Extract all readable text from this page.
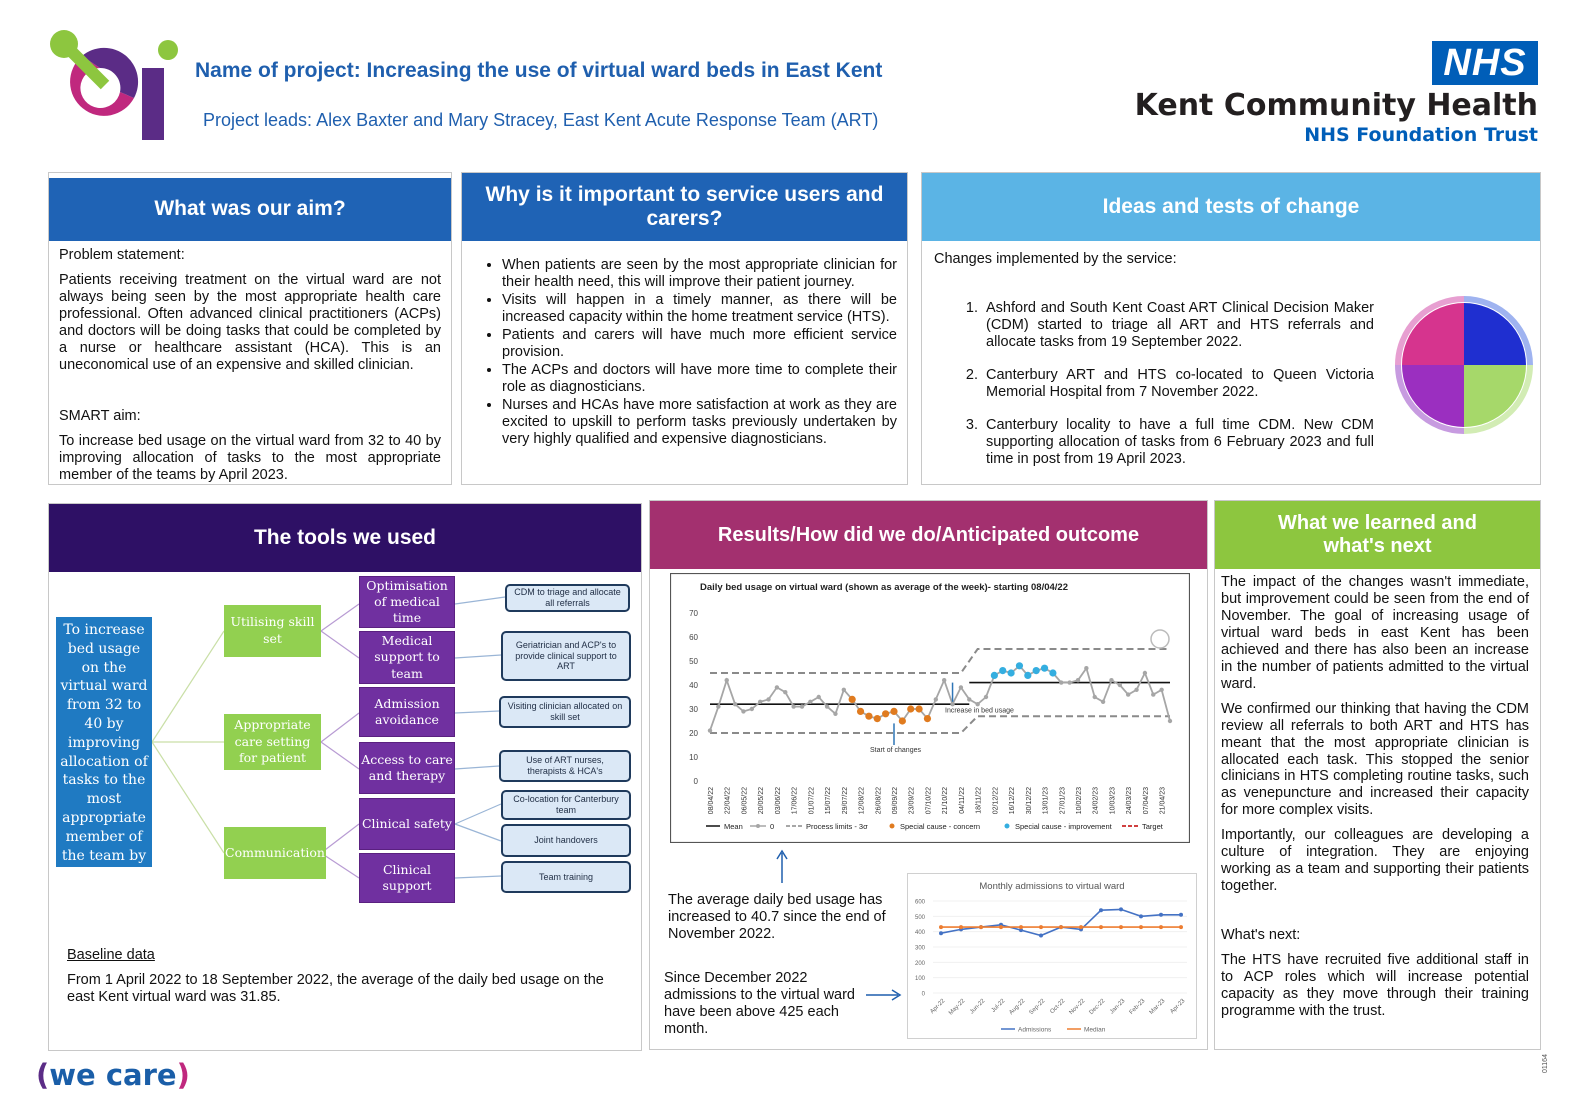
Name of project: Increasing the use of virtual ward beds in East Kent
Project leads: Alex Baxter and Mary Stracey, East Kent Acute Response Team (ART)
NHS
Kent Community Health
NHS Foundation Trust
What was our aim?
Problem statement:
Patients receiving treatment on the virtual ward are not always being seen by the most appropriate health care professional. Often advanced clinical practitioners (ACPs) and doctors will be doing tasks that could be completed by a nurse or healthcare assistant (HCA). This is an uneconomical use of an expensive and skilled clinician.
SMART aim:
To increase bed usage on the virtual ward from 32 to 40 by improving allocation of tasks to the most appropriate member of the teams by April 2023.
Why is it important to service users and carers?
• When patients are seen by the most appropriate clinician for their health need, this will improve their patient journey.
• Visits will happen in a timely manner, as there will be increased capacity within the home treatment service (HTS).
• Patients and carers will have much more efficient service provision.
• The ACPs and doctors will have more time to complete their role as diagnosticians.
• Nurses and HCAs have more satisfaction at work as they are excited to upskill to perform tasks previously undertaken by very highly qualified and expensive diagnosticians.
Ideas and tests of change
Changes implemented by the service:
1. Ashford and South Kent Coast ART Clinical Decision Maker (CDM) started to triage all ART and HTS referrals and allocate tasks from 19 September 2022.
2. Canterbury ART and HTS co-located to Queen Victoria Memorial Hospital from 7 November 2022.
3. Canterbury locality to have a full time CDM. New CDM supporting allocation of tasks from 6 February 2023 and full time in post from 19 April 2023.
The tools we used
To increase bed usage on the virtual ward from 32 to 40 by improving allocation of tasks to the most appropriate member of the team by April 2023
Utilising skill set
Appropriate care setting for patient
Communication
Optimisation of medical time
Medical support to team
Admission avoidance
Access to care and therapy
Clinical safety
Clinical support
CDM to triage and allocate all referrals
Geriatrician and ACP's to provide clinical support to ART
Visiting clinician allocated on skill set
Use of ART nurses, therapists & HCA's
Co-location for Canterbury team
Joint handovers
Team training
Baseline data
From 1 April 2022 to 18 September 2022, the average of the daily bed usage on the east Kent virtual ward was 31.85.
Results/How did we do/Anticipated outcome
Daily bed usage on virtual ward (shown as average of the week)- starting 08/04/22
0
10
20
30
40
50
60
70
08/04/22 22/04/22 06/05/22 20/05/22 03/06/22 17/06/22 01/07/22 15/07/22 29/07/22 12/08/22 26/08/22 09/09/22 23/09/22 07/10/22 21/10/22 04/11/22 18/11/22 02/12/22 16/12/22 30/12/22 13/01/23 27/01/23 10/02/23 24/02/23 10/03/23 24/03/23 07/04/23 21/04/23
Increase in bed usage
Start of changes
Mean	0	Process limits - 3σ	Special cause - concern	Special cause - improvement	Target
The average daily bed usage has increased to 40.7 since the end of November 2022.
Since December 2022 admissions to the virtual ward have been above 425 each month.
Monthly admissions to virtual ward
0
100
200
300
400
500
600
Apr-22 May-22 Jun-22 Jul-22 Aug-22 Sep-22 Oct-22 Nov-22 Dec-22 Jan-23 Feb-23 Mar-23 Apr-23
Admissions	Median
What we learned and what's next
The impact of the changes wasn't immediate, but improvement could be seen from the end of November. The goal of increasing usage of virtual ward beds in east Kent has been achieved and there has also been an increase in the number of patients admitted to the virtual ward.
We confirmed our thinking that having the CDM review all referrals to both ART and HTS has meant that the most appropriate clinician is allocated each task. This stopped the senior clinicians in HTS completing routine tasks, such as venepuncture and increased their capacity for more complex visits.
Importantly, our colleagues are developing a culture of integration. They are enjoying working as a team and supporting their patients together.
What's next:
The HTS have recruited five additional staff in to ACP roles which will increase potential capacity as they move through their training programme with the trust.
(we care)	01164
